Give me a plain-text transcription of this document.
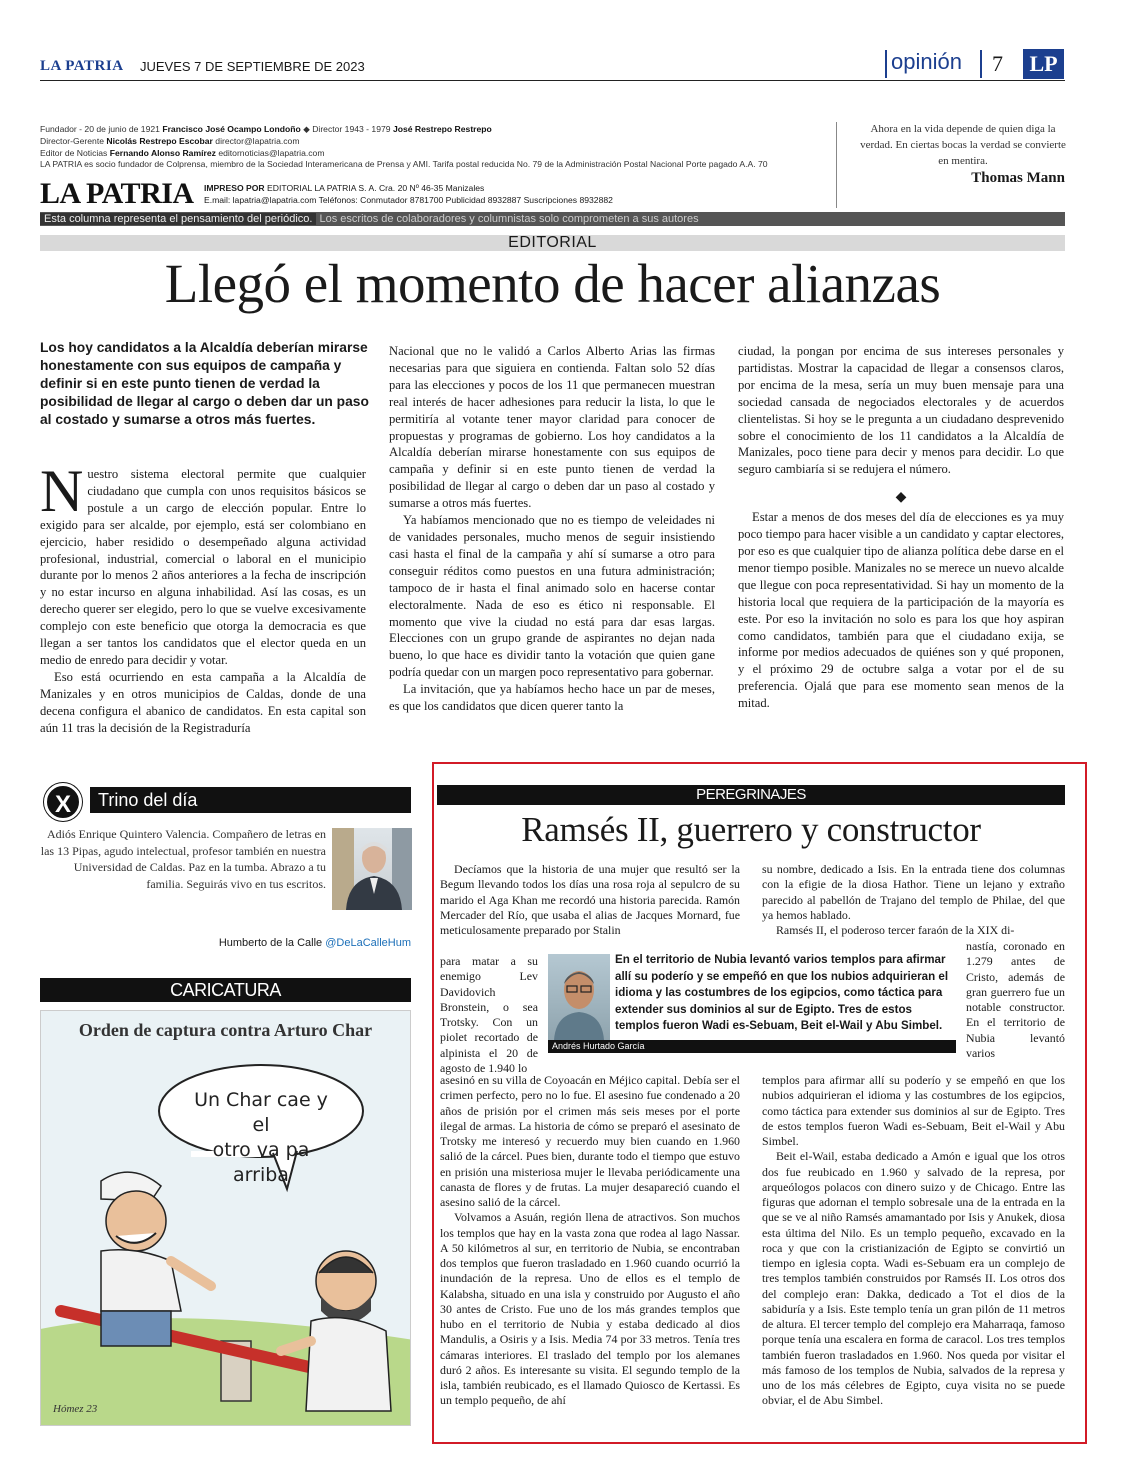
LA PATRIA JUEVES 7 DE SEPTIEMBRE DE 2023	opinión 7 LP
Fundador - 20 de junio de 1921 Francisco José Ocampo Londoño ◆ Director 1943 - 1979 José Restrepo Restrepo
Director-Gerente Nicolás Restrepo Escobar director@lapatria.com
Editor de Noticias Fernando Alonso Ramírez editornoticias@lapatria.com
LA PATRIA es socio fundador de Colprensa, miembro de la Sociedad Interamericana de Prensa y AMI. Tarifa postal reducida No. 79 de la Administración Postal Nacional Porte pagado A.A. 70
LA PATRIA IMPRESO POR EDITORIAL LA PATRIA S. A. Cra. 20 Nº 46-35 Manizales
E.mail: lapatria@lapatria.com Teléfonos: Conmutador 8781700 Publicidad 8932887 Suscripciones 8932882
Ahora en la vida depende de quien diga la verdad. En ciertas bocas la verdad se convierte en mentira.
Thomas Mann
Esta columna representa el pensamiento del periódico. Los escritos de colaboradores y columnistas solo comprometen a sus autores
EDITORIAL
Llegó el momento de hacer alianzas
Los hoy candidatos a la Alcaldía deberían mirarse honestamente con sus equipos de campaña y definir si en este punto tienen de verdad la posibilidad de llegar al cargo o deben dar un paso al costado y sumarse a otros más fuertes.
N uestro sistema electoral permite que cualquier ciudadano que cumpla con unos requisitos básicos se postule a un cargo de elección popular. Entre lo exigido para ser alcalde, por ejemplo, está ser colombiano en ejercicio, haber residido o desempeñado alguna actividad profesional, industrial, comercial o laboral en el municipio durante por lo menos 2 años anteriores a la fecha de inscripción y no estar incurso en alguna inhabilidad. Así las cosas, es un derecho querer ser elegido, pero lo que se vuelve excesivamente complejo con este beneficio que otorga la democracia es que llegan a ser tantos los candidatos que el elector queda en un medio de enredo para decidir y votar.

Eso está ocurriendo en esta campaña a la Alcaldía de Manizales y en otros municipios de Caldas, donde de una decena configura el abanico de candidatos. En esta capital son aún 11 tras la decisión de la Registraduría

Nacional que no le validó a Carlos Alberto Arias las firmas necesarias para que siguiera en contienda. Faltan solo 52 días para las elecciones y pocos de los 11 que permanecen muestran real interés de hacer adhesiones para reducir la lista, lo que le permitiría al votante tener mayor claridad para conocer de propuestas y programas de gobierno. Los hoy candidatos a la Alcaldía deberían mirarse honestamente con sus equipos de campaña y definir si en este punto tienen de verdad la posibilidad de llegar al cargo o deben dar un paso al costado y sumarse a otros más fuertes.

Ya habíamos mencionado que no es tiempo de veleidades ni de vanidades personales, mucho menos de seguir insistiendo casi hasta el final de la campaña y ahí sí sumarse a otro para conseguir réditos como puestos en una futura administración; tampoco de ir hasta el final animado solo en hacerse contar electoralmente. Nada de eso es ético ni responsable. El momento que vive la ciudad no está para dar esas largas. Elecciones con un grupo grande de aspirantes no dejan nada bueno, lo que hace es dividir tanto la votación que quien gane podría quedar con un margen poco representativo para gobernar.

La invitación, que ya habíamos hecho hace un par de meses, es que los candidatos que dicen querer tanto la

ciudad, la pongan por encima de sus intereses personales y partidistas. Mostrar la capacidad de llegar a consensos claros, por encima de la mesa, sería un muy buen mensaje para una sociedad cansada de negociados electorales y de acuerdos clientelistas. Si hoy se le pregunta a un ciudadano desprevenido sobre el conocimiento de los 11 candidatos a la Alcaldía de Manizales, poco tiene para decir y menos para decidir. Lo que seguro cambiaría si se redujera el número.
◆

Estar a menos de dos meses del día de elecciones es ya muy poco tiempo para hacer visible a un candidato y captar electores, por eso es que cualquier tipo de alianza política debe darse en el menor tiempo posible. Manizales no se merece un nuevo alcalde que llegue con poca representatividad. Si hay un momento de la historia local que requiera de la participación de la mayoría es este. Por eso la invitación no solo es para los que hoy aspiran como candidatos, también para que el ciudadano exija, se informe por medios adecuados de quiénes son y qué proponen, y el próximo 29 de octubre salga a votar por el de su preferencia. Ojalá que para ese momento sean menos de la mitad.

Trino del día
X
Adiós Enrique Quintero Valencia. Compañero de letras en las 13 Pipas, agudo intelectual, profesor también en nuestra Universidad de Caldas. Paz en la tumba. Abrazo a tu familia. Seguirás vivo en tus escritos.
Humberto de la Calle @DeLaCalleHum
CARICATURA
Orden de captura contra Arturo Char
Un Char cae y el
otro va pa arriba
Hómez 23
PEREGRINAJES
Ramsés II, guerrero y constructor

Decíamos que la historia de una mujer que resultó ser la Begum llevando todos los días una rosa roja al sepulcro de su marido el Aga Khan me recordó una historia parecida. Ramón Mercader del Río, que usaba el alias de Jacques Mornard, fue meticulosamente preparado por Stalin

para matar a su enemigo Lev Davidovich Bronstein, o sea Trotsky. Con un piolet recortado de alpinista el 20 de agosto de 1.940 lo
asesinó en su villa de Coyoacán en Méjico capital. Debía ser el crimen perfecto, pero no lo fue. El asesino fue condenado a 20 años de prisión por el crimen más seis meses por el porte ilegal de armas. La historia de cómo se preparó el asesinato de Trotsky me interesó y recuerdo muy bien cuando en 1.960 salió de la cárcel. Pues bien, durante todo el tiempo que estuvo en prisión una misteriosa mujer le llevaba periódicamente una canasta de flores y de frutas. La mujer desapareció cuando el asesino salió de la cárcel.

Volvamos a Asuán, región llena de atractivos. Son muchos los templos que hay en la vasta zona que rodea al lago Nassar. A 50 kilómetros al sur, en territorio de Nubia, se encontraban dos templos que fueron trasladado en 1.960 cuando ocurrió la inundación de la represa. Uno de ellos es el templo de Kalabsha, situado en una isla y construido por Augusto el año 30 antes de Cristo. Fue uno de los más grandes templos que hubo en el territorio de Nubia y estaba dedicado al dios Mandulis, a Osiris y a Isis. Media 74 por 33 metros. Tenía tres cámaras interiores. El traslado del templo por los alemanes duró 2 años. Es interesante su visita. El segundo templo de la isla, también reubicado, es el llamado Quiosco de Kertassi. Es un templo pequeño, de ahí

En el territorio de Nubia levantó varios templos para afirmar allí su poderío y se empeñó en que los nubios adquirieran el idioma y las costumbres de los egipcios, como táctica para extender sus dominios al sur de Egipto. Tres de estos templos fueron Wadi es-Sebuam, Beit el-Wail y Abu Simbel.
Andrés Hurtado García
su nombre, dedicado a Isis. En la entrada tiene dos columnas con la efigie de la diosa Hathor. Tiene un lejano y extraño parecido al pabellón de Trajano del templo de Philae, del que ya hemos hablado.

Ramsés II, el poderoso tercer faraón de la XIX di-

nastía, coronado en 1.279 antes de Cristo, además de gran guerrero fue un notable constructor. En el territorio de Nubia levantó varios
templos para afirmar allí su poderío y se empeñó en que los nubios adquirieran el idioma y las costumbres de los egipcios, como táctica para extender sus dominios al sur de Egipto. Tres de estos templos fueron Wadi es-Sebuam, Beit el-Wail y Abu Simbel.

Beit el-Wail, estaba dedicado a Amón e igual que los otros dos fue reubicado en 1.960 y salvado de la represa, por arqueólogos polacos con dinero suizo y de Chicago. Entre las figuras que adornan el templo sobresale una de la entrada en la que se ve al niño Ramsés amamantado por Isis y Anukek, diosa esta última del Nilo. Es un templo pequeño, excavado en la roca y que con la cristianización de Egipto se convirtió un tiempo en iglesia copta. Wadi es-Sebuam era un complejo de tres templos también construidos por Ramsés II. Los otros dos del complejo eran: Dakka, dedicado a Tot el dios de la sabiduría y a Isis. Este templo tenía un gran pilón de 11 metros de altura. El tercer templo del complejo era Maharraqa, famoso porque tenía una escalera en forma de caracol. Los tres templos también fueron trasladados en 1.960. Nos queda por visitar el más famoso de los templos de Nubia, salvados de la represa y uno de los más célebres de Egipto, cuya visita no se puede obviar, el de Abu Simbel.
